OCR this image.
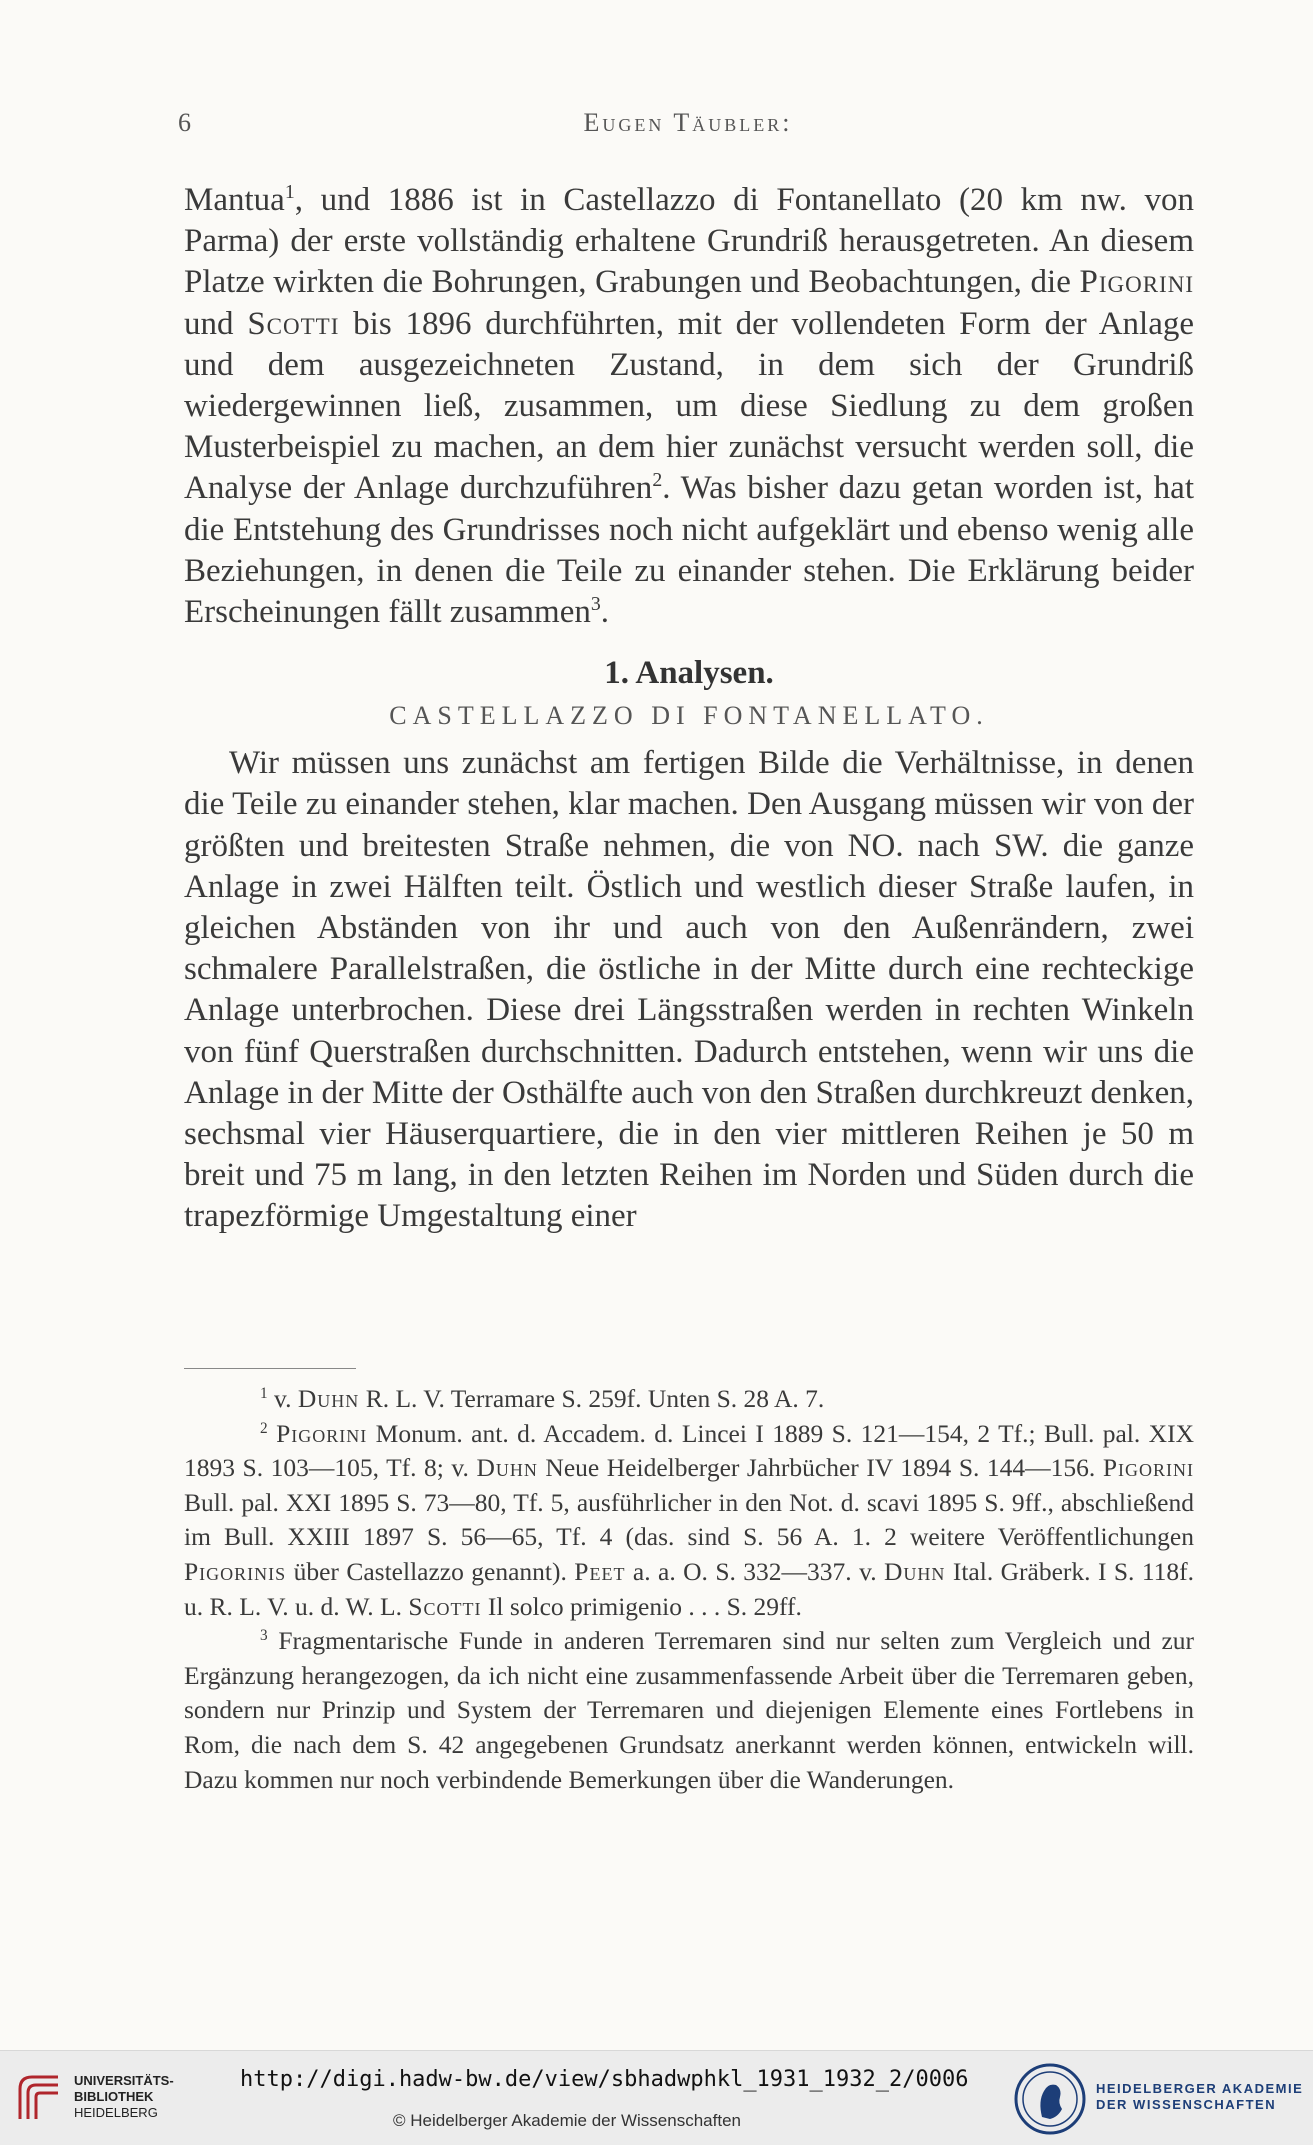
6	Eugen Täubler:

Mantua$^1$, und 1886 ist in Castellazzo di Fontanellato (20 km nw. von Parma) der erste vollständig erhaltene Grundriß herausgetreten. An diesem Platze wirkten die Bohrungen, Grabungen und Beobachtungen, die Pigorini und Scotti bis 1896 durchführten, mit der vollendeten Form der Anlage und dem ausgezeichneten Zustand, in dem sich der Grundriß wiedergewinnen ließ, zusammen, um diese Siedlung zu dem großen Musterbeispiel zu machen, an dem hier zunächst versucht werden soll, die Analyse der Anlage durchzuführen$^2$. Was bisher dazu getan worden ist, hat die Entstehung des Grundrisses noch nicht aufgeklärt und ebenso wenig alle Beziehungen, in denen die Teile zu einander stehen. Die Erklärung beider Erscheinungen fällt zusammen$^3$.

1. Analysen.
CASTELLAZZO DI FONTANELLATO.

Wir müssen uns zunächst am fertigen Bilde die Verhältnisse, in denen die Teile zu einander stehen, klar machen. Den Ausgang müssen wir von der größten und breitesten Straße nehmen, die von NO. nach SW. die ganze Anlage in zwei Hälften teilt. Östlich und westlich dieser Straße laufen, in gleichen Abständen von ihr und auch von den Außenrändern, zwei schmalere Parallelstraßen, die östliche in der Mitte durch eine rechteckige Anlage unterbrochen. Diese drei Längsstraßen werden in rechten Winkeln von fünf Querstraßen durchschnitten. Dadurch entstehen, wenn wir uns die Anlage in der Mitte der Osthälfte auch von den Straßen durchkreuzt denken, sechsmal vier Häuserquartiere, die in den vier mittleren Reihen je 50 m breit und 75 m lang, in den letzten Reihen im Norden und Süden durch die trapezförmige Umgestaltung einer

$^1$ v. Duhn R. L. V. Terramare S. 259f. Unten S. 28 A. 7.

$^2$ Pigorini Monum. ant. d. Accadem. d. Lincei I 1889 S. 121—154, 2 Tf.; Bull. pal. XIX 1893 S. 103—105, Tf. 8; v. Duhn Neue Heidelberger Jahrbücher IV 1894 S. 144—156. Pigorini Bull. pal. XXI 1895 S. 73—80, Tf. 5, ausführlicher in den Not. d. scavi 1895 S. 9ff., abschließend im Bull. XXIII 1897 S. 56—65, Tf. 4 (das. sind S. 56 A. 1. 2 weitere Veröffentlichungen Pigorinis über Castellazzo genannt). Peet a. a. O. S. 332—337. v. Duhn Ital. Gräberk. I S. 118f. u. R. L. V. u. d. W. L. Scotti Il solco primigenio . . . S. 29ff.

$^3$ Fragmentarische Funde in anderen Terremaren sind nur selten zum Vergleich und zur Ergänzung herangezogen, da ich nicht eine zusammenfassende Arbeit über die Terremaren geben, sondern nur Prinzip und System der Terremaren und diejenigen Elemente eines Fortlebens in Rom, die nach dem S. 42 angegebenen Grundsatz anerkannt werden können, entwickeln will. Dazu kommen nur noch verbindende Bemerkungen über die Wanderungen.

UNIVERSITÄTS-
BIBLIOTHEK
HEIDELBERG
http://digi.hadw-bw.de/view/sbhadwphkl_1931_1932_2/0006
© Heidelberger Akademie der Wissenschaften
HEIDELBERGER AKADEMIE
DER WISSENSCHAFTEN
